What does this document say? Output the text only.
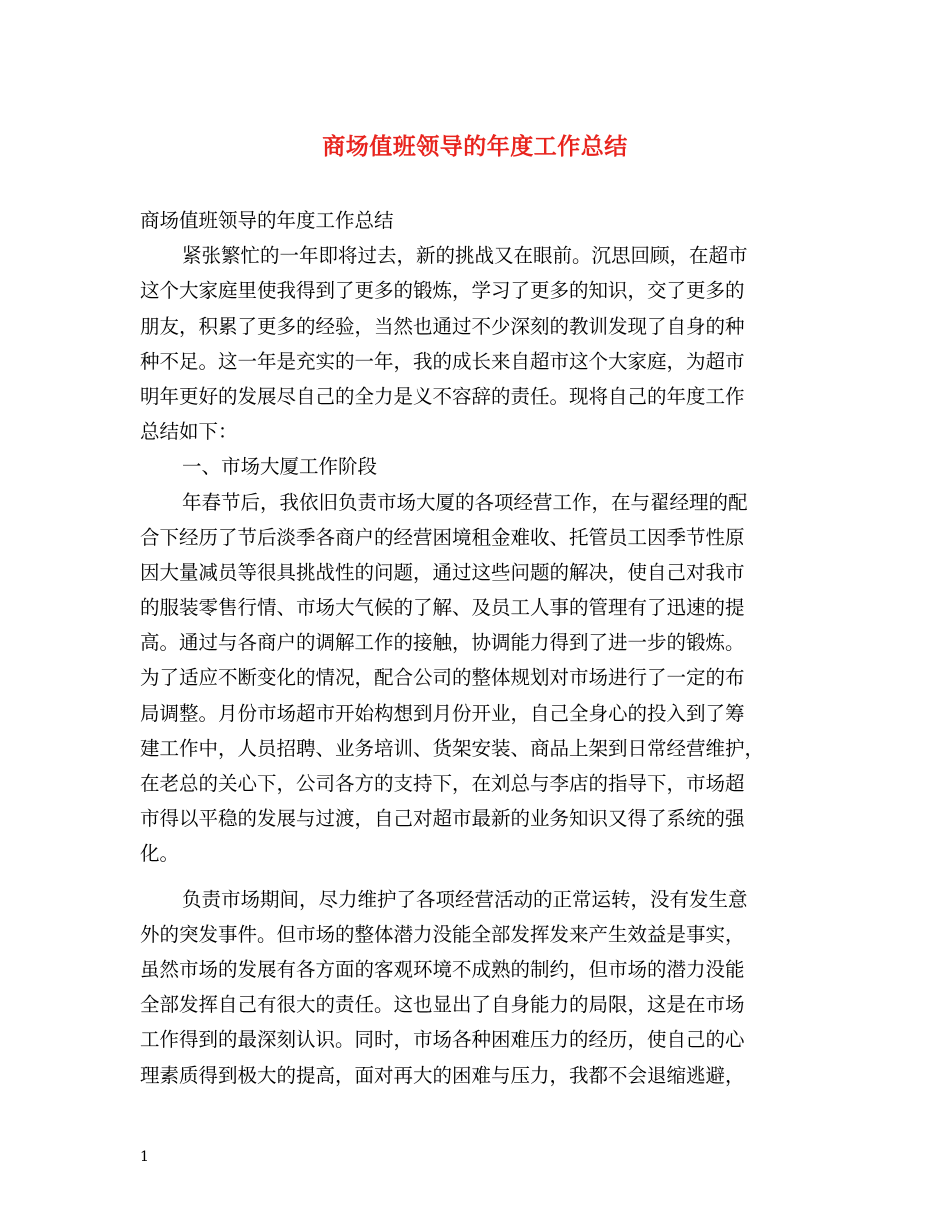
商场值班领导的年度工作总结
商场值班领导的年度工作总结
紧张繁忙的一年即将过去，新的挑战又在眼前。沉思回顾，在超市
这个大家庭里使我得到了更多的锻炼，学习了更多的知识，交了更多的
朋友，积累了更多的经验，当然也通过不少深刻的教训发现了自身的种
种不足。这一年是充实的一年，我的成长来自超市这个大家庭，为超市
明年更好的发展尽自己的全力是义不容辞的责任。现将自己的年度工作
总结如下：
一、市场大厦工作阶段
年春节后，我依旧负责市场大厦的各项经营工作，在与翟经理的配
合下经历了节后淡季各商户的经营困境租金难收、托管员工因季节性原
因大量减员等很具挑战性的问题，通过这些问题的解决，使自己对我市
的服装零售行情、市场大气候的了解、及员工人事的管理有了迅速的提
高。通过与各商户的调解工作的接触，协调能力得到了进一步的锻炼。
为了适应不断变化的情况，配合公司的整体规划对市场进行了一定的布
局调整。月份市场超市开始构想到月份开业，自己全身心的投入到了筹
建工作中，人员招聘、业务培训、货架安装、商品上架到日常经营维护，
在老总的关心下，公司各方的支持下，在刘总与李店的指导下，市场超
市得以平稳的发展与过渡，自己对超市最新的业务知识又得了系统的强
化。
负责市场期间，尽力维护了各项经营活动的正常运转，没有发生意
外的突发事件。但市场的整体潜力没能全部发挥发来产生效益是事实，
虽然市场的发展有各方面的客观环境不成熟的制约，但市场的潜力没能
全部发挥自己有很大的责任。这也显出了自身能力的局限，这是在市场
工作得到的最深刻认识。同时，市场各种困难压力的经历，使自己的心
理素质得到极大的提高，面对再大的困难与压力，我都不会退缩逃避，
1
